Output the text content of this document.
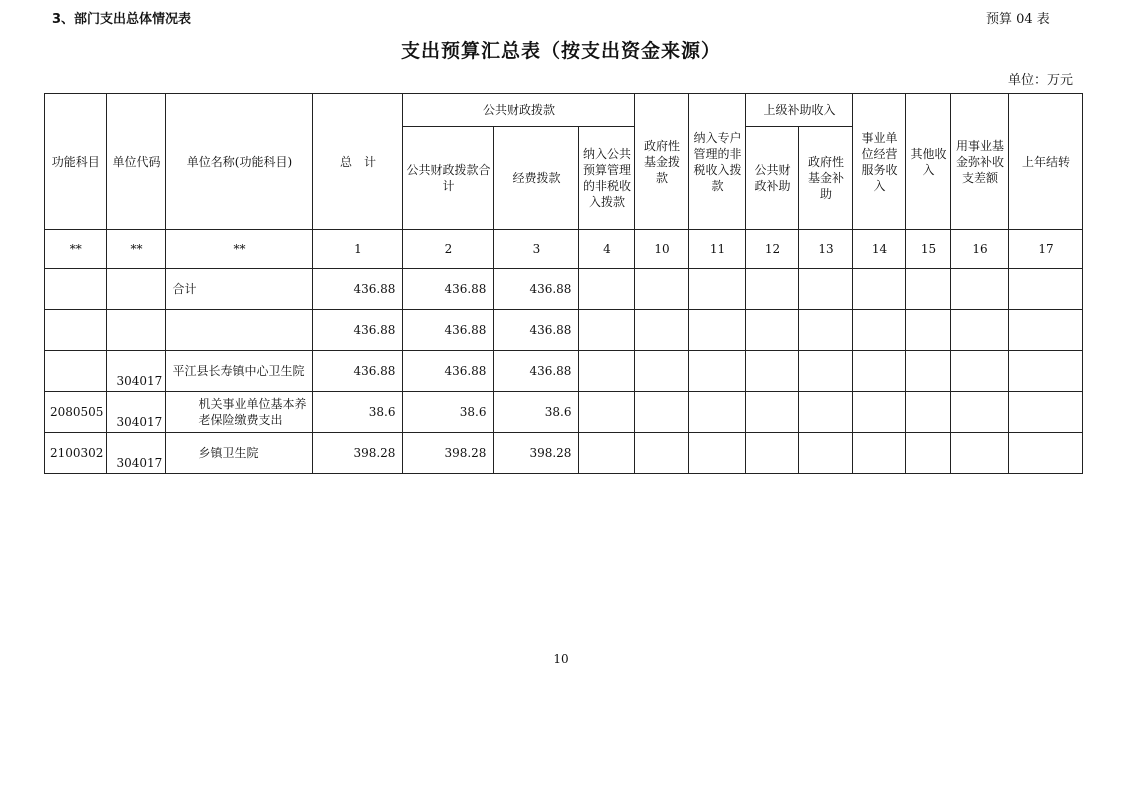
3、部门支出总体情况表	预算 04 表
支出预算汇总表（按支出资金来源）
单位：万元
功能科目	单位代码	单位名称(功能科目)	总　计	公共财政拨款			政府性基金拨款	纳入专户管理的非税收入拨款	上级补助收入		事业单位经营服务收入	其他收入	用事业基金弥补收支差额	上年结转
				公共财政拨款合计	经费拨款	纳入公共预算管理的非税收入拨款			公共财政补助	政府性基金补助				

**	**	**	1	2	3	4	10	11	12	13	14	15	16	17
		合计	436.88	436.88	436.88									
			436.88	436.88	436.88									
	304017	平江县长寿镇中心卫生院	436.88	436.88	436.88									
2080505	304017	机关事业单位基本养老保险缴费支出	38.6	38.6	38.6									
2100302	304017	乡镇卫生院	398.28	398.28	398.28									
10
